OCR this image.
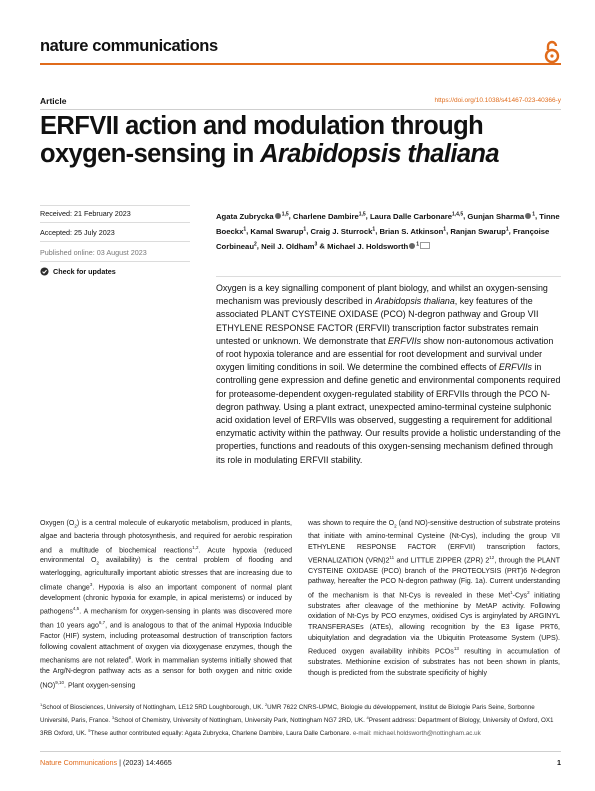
nature communications
Article	https://doi.org/10.1038/s41467-023-40366-y
ERFVII action and modulation through oxygen-sensing in Arabidopsis thaliana
Received: 21 February 2023
Accepted: 25 July 2023
Published online: 03 August 2023
Check for updates
Agata Zubrycka $^{1,5}$, Charlene Dambire$^{1,5}$, Laura Dalle Carbonare$^{1,4,5}$, Gunjan Sharma $^1$, Tinne Boeckx$^1$, Kamal Swarup$^1$, Craig J. Sturrock$^1$, Brian S. Atkinson$^1$, Ranjan Swarup$^1$, Françoise Corbineau$^2$, Neil J. Oldham$^3$ & Michael J. Holdsworth $^1$

Oxygen is a key signalling component of plant biology, and whilst an oxygen-sensing mechanism was previously described in Arabidopsis thaliana, key features of the associated PLANT CYSTEINE OXIDASE (PCO) N-degron pathway and Group VII ETHYLENE RESPONSE FACTOR (ERFVII) transcription factor substrates remain untested or unknown. We demonstrate that ERFVIIs show non-autonomous activation of root hypoxia tolerance and are essential for root development and survival under oxygen limiting conditions in soil. We determine the combined effects of ERFVIIs in controlling gene expression and define genetic and environmental components required for proteasome-dependent oxygen-regulated stability of ERFVIIs through the PCO N-degron pathway. Using a plant extract, unexpected amino-terminal cysteine sulphonic acid oxidation level of ERFVIIs was observed, suggesting a requirement for additional enzymatic activity within the pathway. Our results provide a holistic understanding of the properties, functions and readouts of this oxygen-sensing mechanism defined through its role in modulating ERFVII stability.

Oxygen $(O_2)$ is a central molecule of eukaryotic metabolism, produced in plants, algae and bacteria through photosynthesis, and required for aerobic respiration and a multitude of biochemical reactions$^{1,2}$. Acute hypoxia (reduced environmental $O_2$ availability) is the central problem of flooding and waterlogging, agriculturally important abiotic stresses that are increasing due to climate change$^3$. Hypoxia is also an important component of normal plant development (chronic hypoxia for example, in apical meristems) or induced by pathogens$^{4,5}$. A mechanism for oxygen-sensing in plants was discovered more than 10 years ago$^{6,7}$, and is analogous to that of the animal Hypoxia Inducible Factor (HIF) system, including proteasomal destruction of transcription factors following covalent attachment of oxygen via dioxygenase enzymes, though the mechanisms are not related$^8$. Work in mammalian systems initially showed that the Arg/N-degron pathway acts as a sensor for both oxygen and nitric oxide (NO)$^{9,10}$. Plant oxygen-sensing

was shown to require the $O_2$ (and NO)-sensitive destruction of substrate proteins that initiate with amino-terminal Cysteine (Nt-Cys), including the group VII ETHYLENE RESPONSE FACTOR (ERFVII) transcription factors, VERNALIZATION $(VRN)2^{11}$ and LITTLE ZIPPER (ZPR) $2^{12}$, through the PLANT CYSTEINE OXIDASE (PCO) branch of the PROTEOLYSIS (PRT)6 N-degron pathway, hereafter the PCO N-degron pathway (Fig. 1a). Current understanding of the mechanism is that Nt-Cys is revealed in these Met$^1$-Cys$^2$ initiating substrates after cleavage of the methionine by MetAP activity. Following oxidation of Nt-Cys by PCO enzymes, oxidised Cys is arginylated by ARGINYL TRANSFERASEs (ATEs), allowing recognition by the E3 ligase PRT6, ubiquitylation and degradation via the Ubiquitin Proteasome System (UPS). Reduced oxygen availability inhibits PCOs$^{13}$ resulting in accumulation of substrates. Methionine excision of substrates has not been shown in plants, though is predicted from the substrate specificity of highly

$^1$School of Biosciences, University of Nottingham, LE12 5RD Loughborough, UK. $^2$UMR 7622 CNRS-UPMC, Biologie du développement, Institut de Biologie Paris Seine, Sorbonne Université, Paris, France. $^3$School of Chemistry, University of Nottingham, University Park, Nottingham NG7 2RD, UK. $^4$Present address: Department of Biology, University of Oxford, OX1 3RB Oxford, UK. $^5$These author contributed equally: Agata Zubrycka, Charlene Dambire, Laura Dalle Carbonare. e-mail: michael.holdsworth@nottingham.ac.uk

Nature Communications | (2023) 14:4665	1
